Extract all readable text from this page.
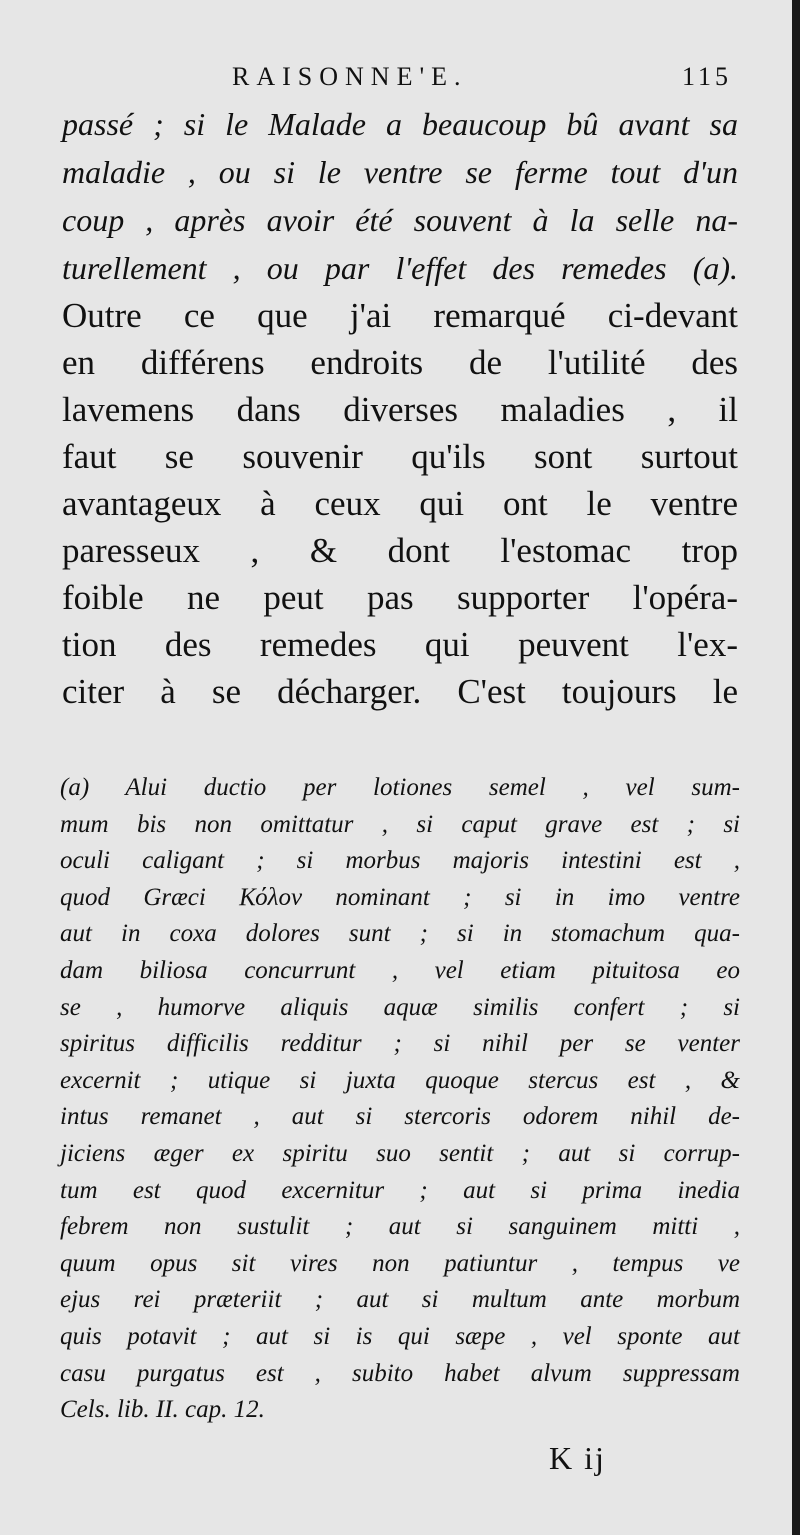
RAISONNE'E.	115
passé ; si le Malade a beaucoup bû avant sa
maladie , ou si le ventre se ferme tout d'un
coup , après avoir été souvent à la selle na-
turellement , ou par l'effet des remedes (a).
Outre ce que j'ai remarqué ci-devant
en différens endroits de l'utilité des
lavemens dans diverses maladies , il
faut se souvenir qu'ils sont surtout
avantageux à ceux qui ont le ventre
paresseux , & dont l'estomac trop
foible ne peut pas supporter l'opéra-
tion des remedes qui peuvent l'ex-
citer à se décharger. C'est toujours le
(a) Alui ductio per lotiones semel , vel sum-
mum bis non omittatur , si caput grave est ; si
oculi caligant ; si morbus majoris intestini est ,
quod Græci Κόλον nominant ; si in imo ventre
aut in coxa dolores sunt ; si in stomachum qua-
dam biliosa concurrunt , vel etiam pituitosa eo
se , humorve aliquis aquæ similis confert ; si
spiritus difficilis redditur ; si nihil per se venter
excernit ; utique si juxta quoque stercus est , &
intus remanet , aut si stercoris odorem nihil de-
jiciens æger ex spiritu suo sentit ; aut si corrup-
tum est quod excernitur ; aut si prima inedia
febrem non sustulit ; aut si sanguinem mitti ,
quum opus sit vires non patiuntur , tempus ve
ejus rei præteriit ; aut si multum ante morbum
quis potavit ; aut si is qui sæpe , vel sponte aut
casu purgatus est , subito habet alvum suppressam
Cels. lib. II. cap. 12.
K ij
